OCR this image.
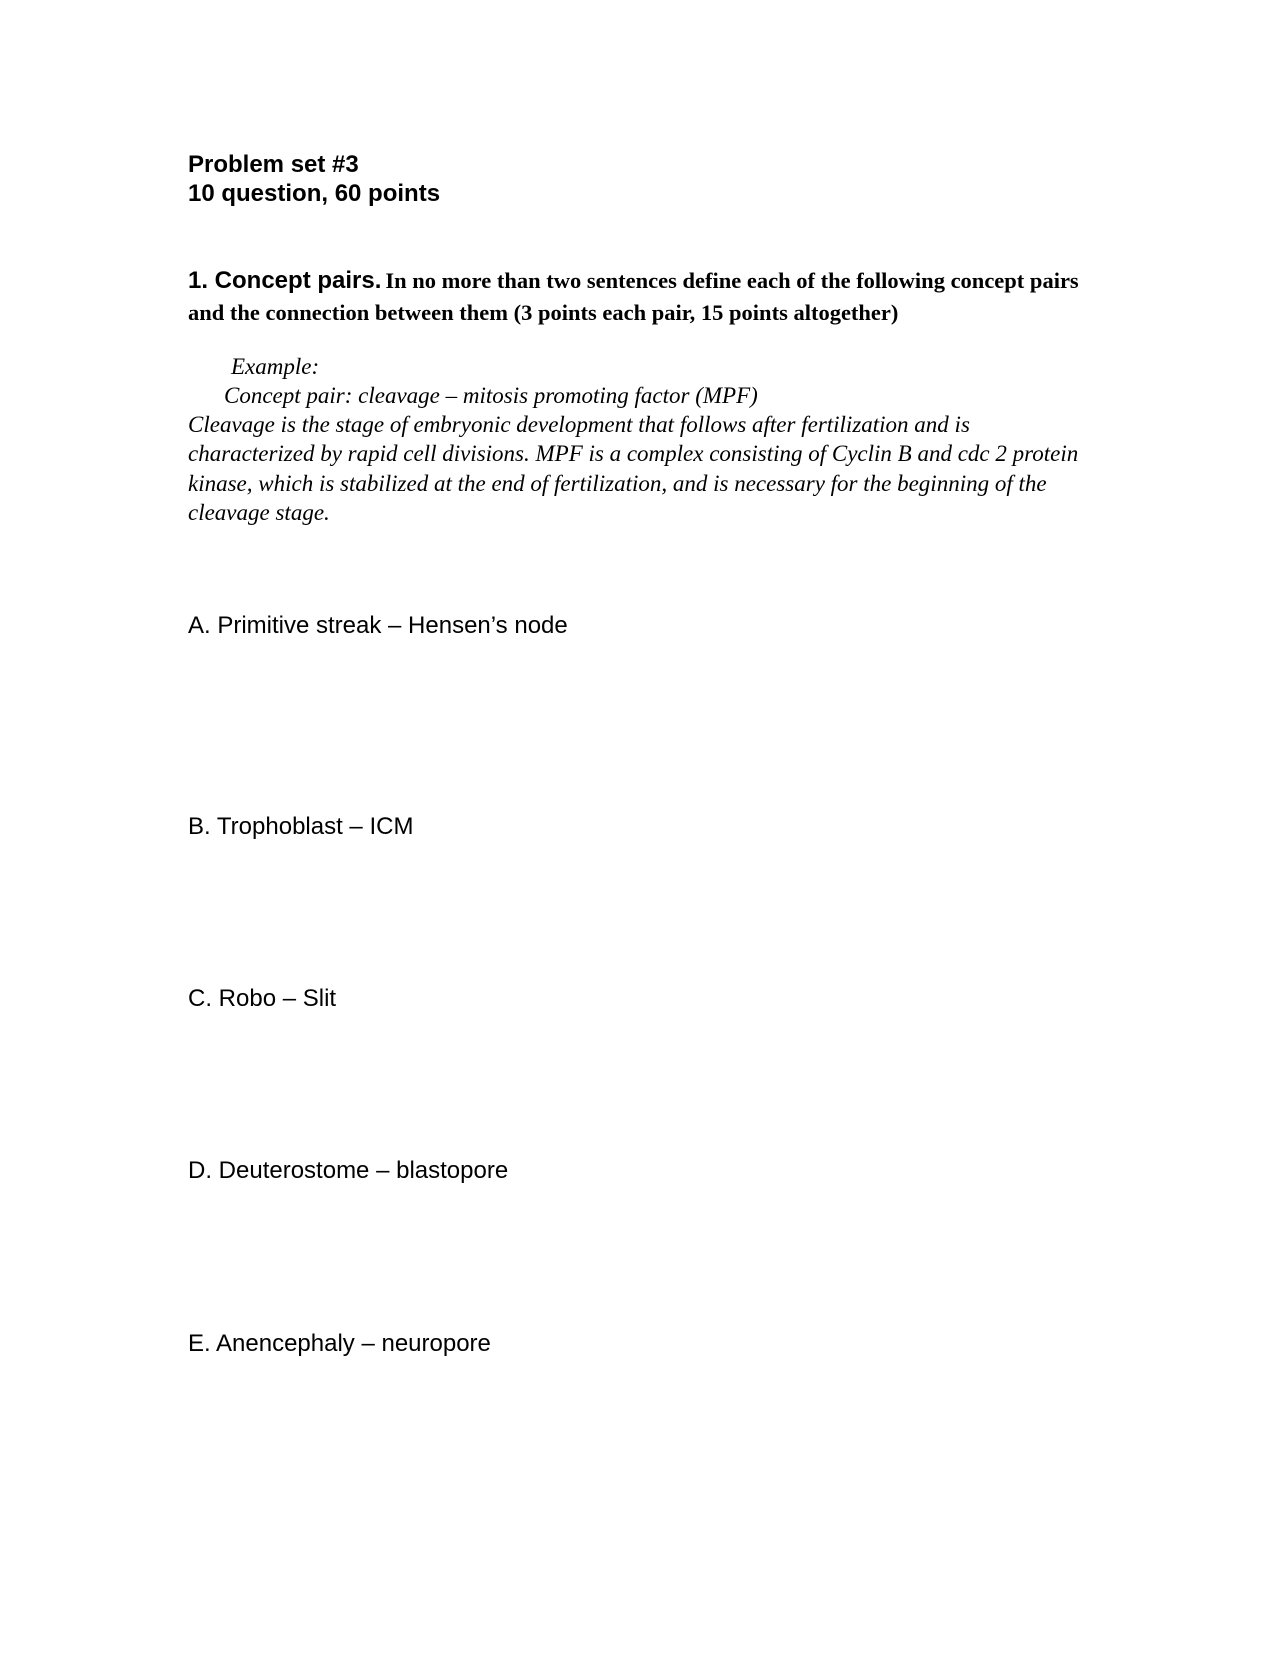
Problem set #3
10 question, 60 points
1. Concept pairs. In no more than two sentences define each of the following concept pairs and the connection between them (3 points each pair, 15 points altogether)
Example:
Concept pair: cleavage – mitosis promoting factor (MPF)
Cleavage is the stage of embryonic development that follows after fertilization and is characterized by rapid cell divisions. MPF is a complex consisting of Cyclin B and cdc 2 protein kinase, which is stabilized at the end of fertilization, and is necessary for the beginning of the cleavage stage.
A. Primitive streak – Hensen’s node
B. Trophoblast – ICM
C. Robo – Slit
D. Deuterostome – blastopore
E. Anencephaly – neuropore
